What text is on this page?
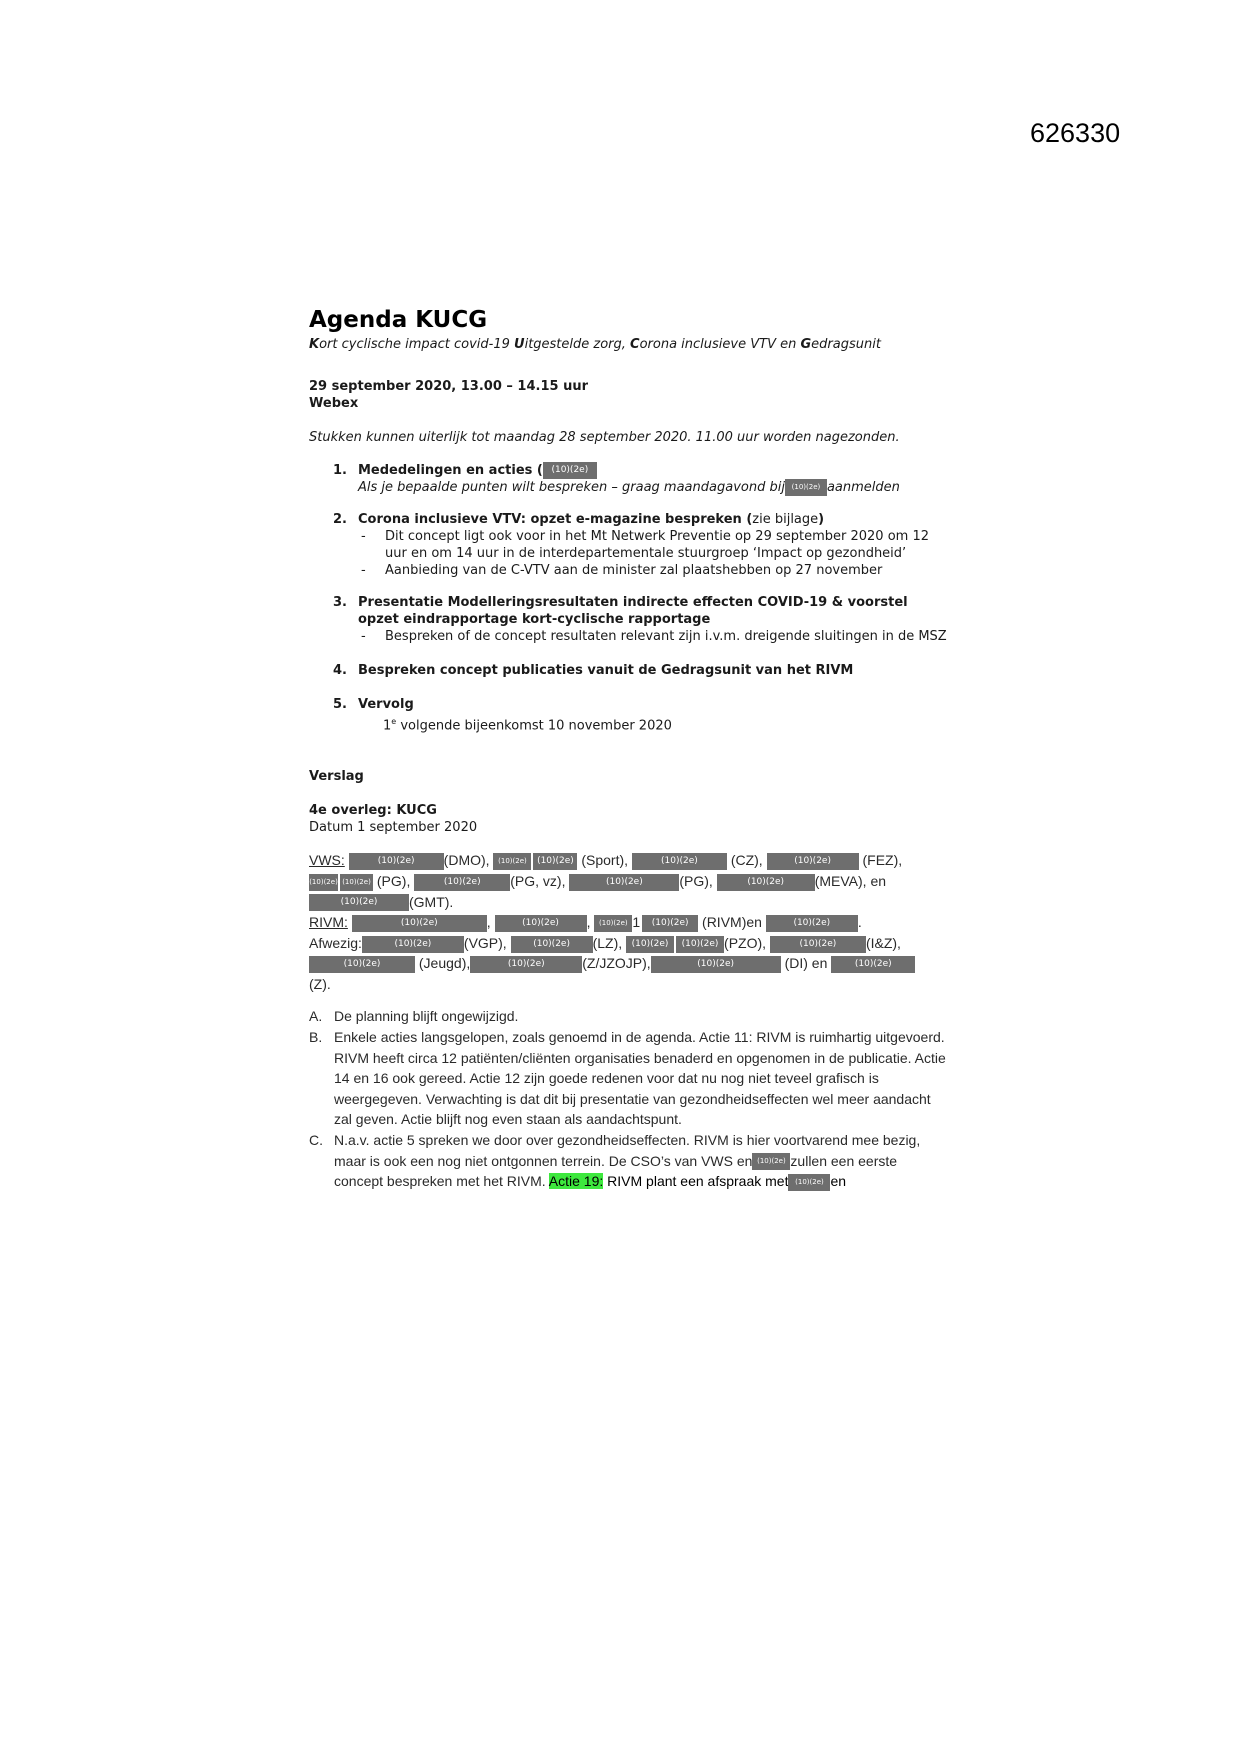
626330
Agenda KUCG

Kort cyclische impact covid-19 Uitgestelde zorg, Corona inclusieve VTV en Gedragsunit

29 september 2020, 13.00 – 14.15 uur

Webex

Stukken kunnen uiterlijk tot maandag 28 september 2020. 11.00 uur worden nagezonden.

1. Mededelingen en acties ( (10)(2e)
Als je bepaalde punten wilt bespreken – graag maandagavond bij (10)(2e) aanmelden
2. Corona inclusieve VTV: opzet e-magazine bespreken (zie bijlage)
-	Dit concept ligt ook voor in het Mt Netwerk Preventie op 29 september 2020 om 12 uur en om 14 uur in de interdepartementale stuurgroep ‘Impact op gezondheid’
-	Aanbieding van de C-VTV aan de minister zal plaatshebben op 27 november
3. Presentatie Modelleringsresultaten indirecte effecten COVID-19 & voorstel opzet eindrapportage kort-cyclische rapportage
-	Bespreken of de concept resultaten relevant zijn i.v.m. dreigende sluitingen in de MSZ
4. Bespreken concept publicaties vanuit de Gedragsunit van het RIVM
5. Vervolg
1e volgende bijeenkomst 10 november 2020

Verslag

4e overleg: KUCG

Datum 1 september 2020

VWS:	(10)(2e) (DMO), (10)(2e) (10)(2e) (Sport),	(10)(2e) (CZ),	(10)(2e) (FEZ),
(10)(2e) (10)(2e) (PG),	(10)(2e) (PG, vz),	(10)(2e)	(PG),	(10)(2e) (MEVA), en
(10)(2e) (GMT).
RIVM:	(10)(2e)	,	(10)(2e) , (10)(2e) 1 (10)(2e) (RIVM)en	(10)(2e) .
Afwezig:	(10)(2e) (VGP),	(10)(2e) (LZ), (10)(2e) (10)(2e) (PZO),	(10)(2e) (I&Z),
(10)(2e)	(Jeugd),	(10)(2e)	(Z/JZOJP),	(10)(2e)	(DI) en	(10)(2e)
(Z).
A. De planning blijft ongewijzigd.
B. Enkele acties langsgelopen, zoals genoemd in de agenda. Actie 11: RIVM is ruimhartig uitgevoerd. RIVM heeft circa 12 patiënten/cliënten organisaties benaderd en opgenomen in de publicatie. Actie 14 en 16 ook gereed. Actie 12 zijn goede redenen voor dat nu nog niet teveel grafisch is weergegeven. Verwachting is dat dit bij presentatie van gezondheidseffecten wel meer aandacht zal geven. Actie blijft nog even staan als aandachtspunt.
C. N.a.v. actie 5 spreken we door over gezondheidseffecten. RIVM is hier voortvarend mee bezig, maar is ook een nog niet ontgonnen terrein. De CSO’s van VWS en (10)(2e) zullen een eerste concept bespreken met het RIVM. Actie 19: RIVM plant een afspraak met (10)(2e) en
